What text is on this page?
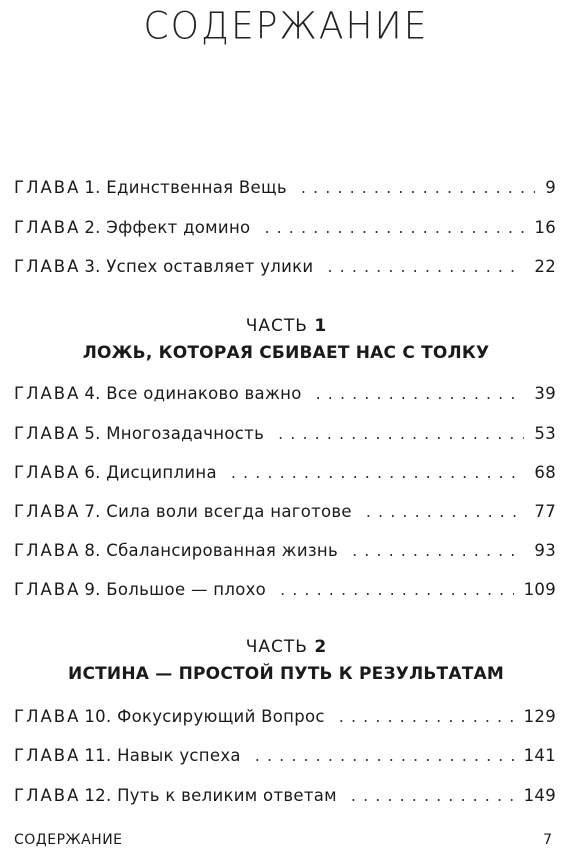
СОДЕРЖАНИЕ
ГЛАВА 1. Единственная Вещь . . .	9
ГЛАВА 2. Эффект домино . . .	16
ГЛАВА 3. Успех оставляет улики . . .	22
ЧАСТЬ 1
ЛОЖЬ, КОТОРАЯ СБИВАЕТ НАС С ТОЛКУ
ГЛАВА 4. Все одинаково важно . . .	39
ГЛАВА 5. Многозадачность . . .	53
ГЛАВА 6. Дисциплина . . .	68
ГЛАВА 7. Сила воли всегда наготове . . .	77
ГЛАВА 8. Сбалансированная жизнь . . .	93
ГЛАВА 9. Большое — плохо . . .	109
ЧАСТЬ 2
ИСТИНА — ПРОСТОЙ ПУТЬ К РЕЗУЛЬТАТАМ
ГЛАВА 10. Фокусирующий Вопрос . . .	129
ГЛАВА 11. Навык успеха . . .	141
ГЛАВА 12. Путь к великим ответам . . .	149
СОДЕРЖАНИЕ	7
